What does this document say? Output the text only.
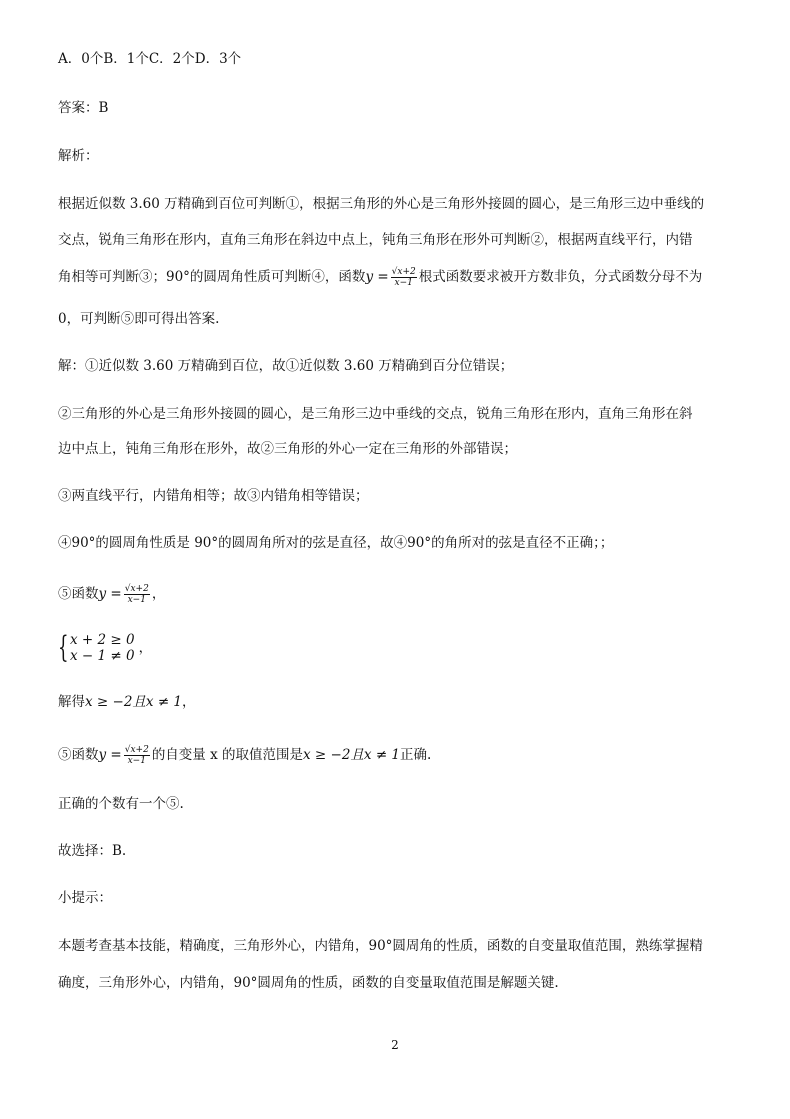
A．0个B．1个C．2个D．3个
答案：B
解析：
根据近似数 3.60 万精确到百位可判断①，根据三角形的外心是三角形外接圆的圆心，是三角形三边中垂线的
交点，锐角三角形在形内，直角三角形在斜边中点上，钝角三角形在形外可判断②，根据两直线平行，内错
角相等可判断③；90°的圆周角性质可判断④，函数$y = \frac{√x+2}{x-1}$ 根式函数要求被开方数非负，分式函数分母不为
0，可判断⑤即可得出答案.
解：①近似数 3.60 万精确到百位，故①近似数 3.60 万精确到百分位错误；
②三角形的外心是三角形外接圆的圆心，是三角形三边中垂线的交点，锐角三角形在形内，直角三角形在斜
边中点上，钝角三角形在形外，故②三角形的外心一定在三角形的外部错误；
③两直线平行，内错角相等；故③内错角相等错误；
④90°的圆周角性质是 90°的圆周角所对的弦是直径，故④90°的角所对的弦是直径不正确；；
⑤函数$y = \frac{√x+2}{x-1}$ ，
{ x + 2 ≥ 0
x − 1 ≠ 0 ，
解得x ≥ −2且x ≠ 1，
⑤函数$y = \frac{√x+2}{x-1}$ 的自变量 x 的取值范围是x ≥ −2且x ≠ 1正确.
正确的个数有一个⑤.
故选择：B.
小提示：
本题考查基本技能，精确度，三角形外心，内错角，90°圆周角的性质，函数的自变量取值范围，熟练掌握精
确度，三角形外心，内错角，90°圆周角的性质，函数的自变量取值范围是解题关键.
2
